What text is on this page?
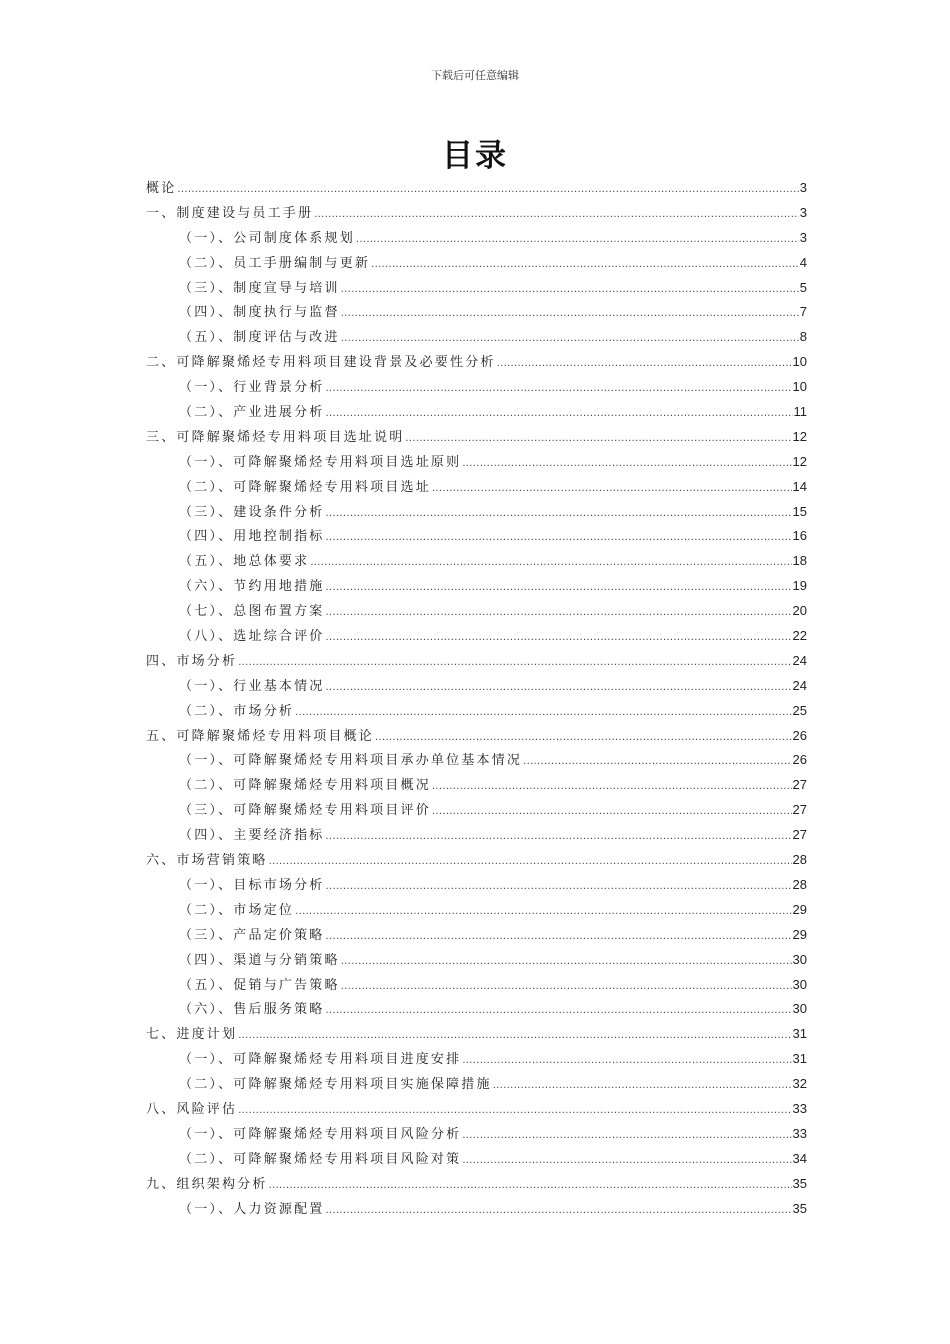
下载后可任意编辑
目录
概论 .....	3
一、制度建设与员工手册 .....	3
（一）、公司制度体系规划 .....	3
（二）、员工手册编制与更新 .....	4
（三）、制度宣导与培训 .....	5
（四）、制度执行与监督 .....	7
（五）、制度评估与改进 .....	8
二、可降解聚烯烃专用料项目建设背景及必要性分析 .....	10
（一）、行业背景分析 .....	10
（二）、产业进展分析 .....	11
三、可降解聚烯烃专用料项目选址说明 .....	12
（一）、可降解聚烯烃专用料项目选址原则 .....	12
（二）、可降解聚烯烃专用料项目选址 .....	14
（三）、建设条件分析 .....	15
（四）、用地控制指标 .....	16
（五）、地总体要求 .....	18
（六）、节约用地措施 .....	19
（七）、总图布置方案 .....	20
（八）、选址综合评价 .....	22
四、市场分析 .....	24
（一）、行业基本情况 .....	24
（二）、市场分析 .....	25
五、可降解聚烯烃专用料项目概论 .....	26
（一）、可降解聚烯烃专用料项目承办单位基本情况 .....	26
（二）、可降解聚烯烃专用料项目概况 .....	27
（三）、可降解聚烯烃专用料项目评价 .....	27
（四）、主要经济指标 .....	27
六、市场营销策略 .....	28
（一）、目标市场分析 .....	28
（二）、市场定位 .....	29
（三）、产品定价策略 .....	29
（四）、渠道与分销策略 .....	30
（五）、促销与广告策略 .....	30
（六）、售后服务策略 .....	30
七、进度计划 .....	31
（一）、可降解聚烯烃专用料项目进度安排 .....	31
（二）、可降解聚烯烃专用料项目实施保障措施 .....	32
八、风险评估 .....	33
（一）、可降解聚烯烃专用料项目风险分析 .....	33
（二）、可降解聚烯烃专用料项目风险对策 .....	34
九、组织架构分析 .....	35
（一）、人力资源配置 .....	35
